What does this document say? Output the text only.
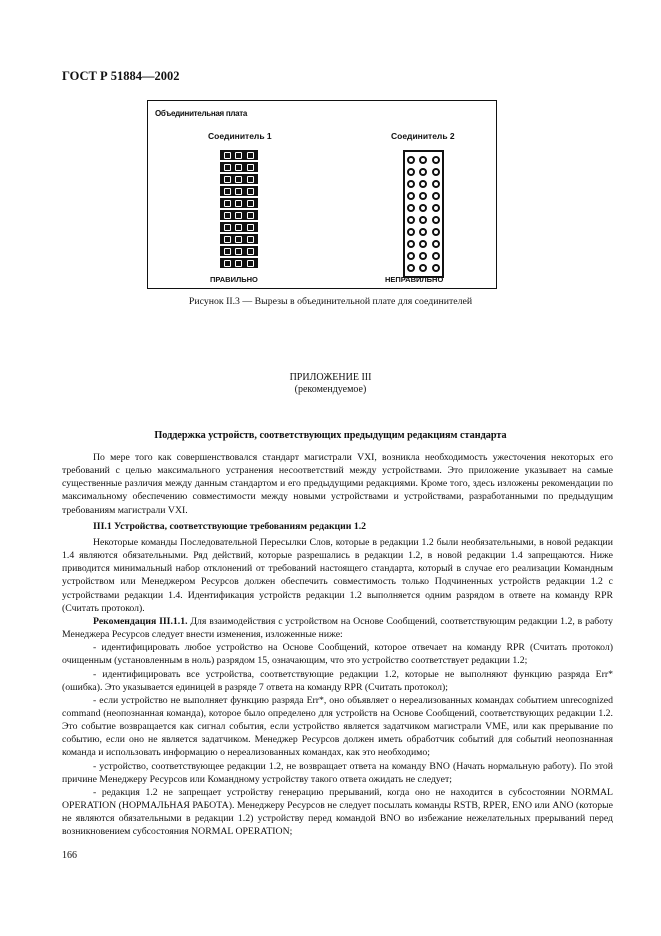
ГОСТ Р 51884—2002
Объединительная плата
Соединитель 1	Соединитель 2
ПРАВИЛЬНО	НЕПРАВИЛЬНО
Рисунок II.3 — Вырезы в объединительной плате для соединителей
ПРИЛОЖЕНИЕ III
(рекомендуемое)
Поддержка устройств, соответствующих предыдущим редакциям стандарта

По мере того как совершенствовался стандарт магистрали VXI, возникла необходимость ужесточения некоторых его требований с целью максимального устранения несоответствий между устройствами. Это приложение указывает на самые существенные различия между данным стандартом и его предыдущими редакциями. Кроме того, здесь изложены рекомендации по максимальному обеспечению совместимости между новыми устройствами и устройствами, разработанными по предыдущим требованиям магистрали VXI.

III.1 Устройства, соответствующие требованиям редакции 1.2

Некоторые команды Последовательной Пересылки Слов, которые в редакции 1.2 были необязательными, в новой редакции 1.4 являются обязательными. Ряд действий, которые разрешались в редакции 1.2, в новой редакции 1.4 запрещаются. Ниже приводится минимальный набор отклонений от требований настоящего стандарта, который в случае его реализации Командным устройством или Менеджером Ресурсов должен обеспечить совместимость только Подчиненных устройств редакции 1.2 с устройствами редакции 1.4. Идентификация устройств редакции 1.2 выполняется одним разрядом в ответе на команду RPR (Считать протокол).

Рекомендация III.1.1. Для взаимодействия с устройством на Основе Сообщений, соответствующим редакции 1.2, в работу Менеджера Ресурсов следует внести изменения, изложенные ниже:

- идентифицировать любое устройство на Основе Сообщений, которое отвечает на команду RPR (Считать протокол) очищенным (установленным в ноль) разрядом 15, означающим, что это устройство соответствует редакции 1.2;

- идентифицировать все устройства, соответствующие редакции 1.2, которые не выполняют функцию разряда Err* (ошибка). Это указывается единицей в разряде 7 ответа на команду RPR (Считать протокол);

- если устройство не выполняет функцию разряда Err*, оно объявляет о нереализованных командах событием unrecognized command (неопознанная команда), которое было определено для устройств на Основе Сообщений, соответствующих редакции 1.2. Это событие возвращается как сигнал события, если устройство является задатчиком магистрали VME, или как прерывание по событию, если оно не является задатчиком. Менеджер Ресурсов должен иметь обработчик событий для событий неопознанная команда и использовать информацию о нереализованных командах, как это необходимо;

- устройство, соответствующее редакции 1.2, не возвращает ответа на команду BNO (Начать нормальную работу). По этой причине Менеджеру Ресурсов или Командному устройству такого ответа ожидать не следует;

- редакция 1.2 не запрещает устройству генерацию прерываний, когда оно не находится в субсостоянии NORMAL OPERATION (НОРМАЛЬНАЯ РАБОТА). Менеджеру Ресурсов не следует посылать команды RSTB, RPER, ENO или ANO (которые не являются обязательными в редакции 1.2) устройству перед командой BNO во избежание нежелательных прерываний перед возникновением субсостояния NORMAL OPERATION;

166
